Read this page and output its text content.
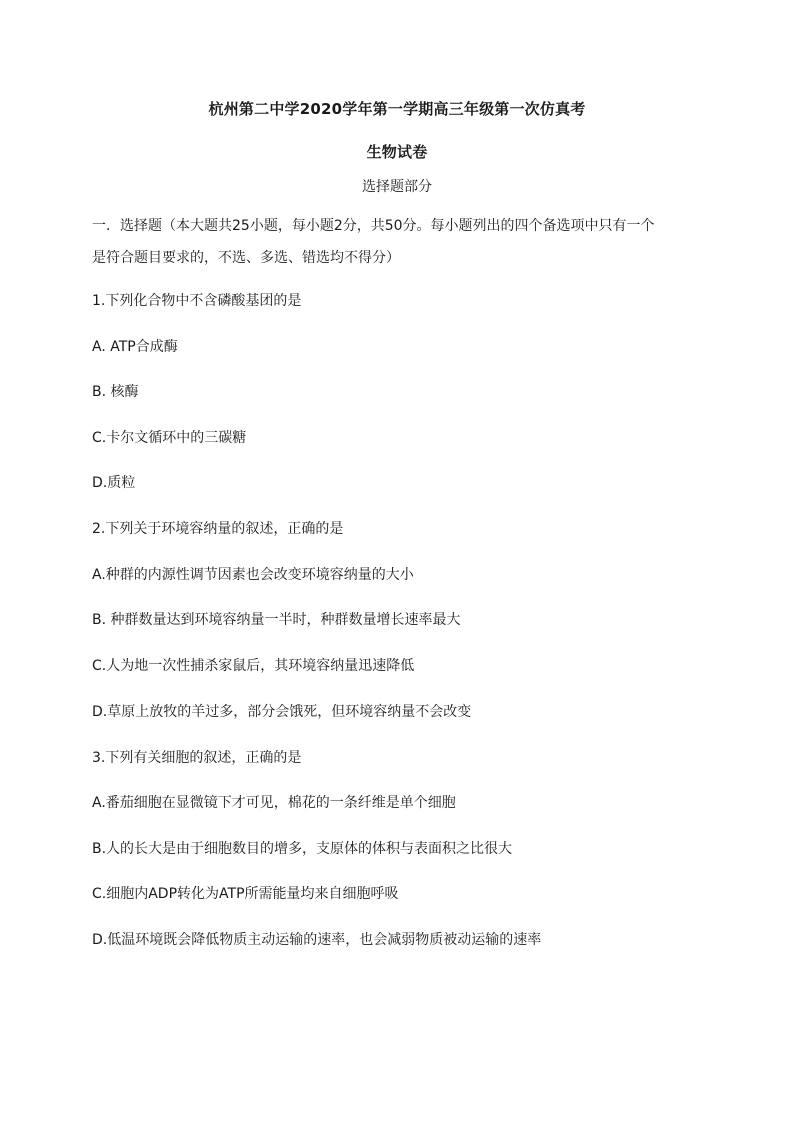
杭州第二中学2020学年第一学期高三年级第一次仿真考
生物试卷
选择题部分
一．选择题（本大题共25小题，每小题2分，共50分。每小题列出的四个备选项中只有一个
是符合题目要求的，不选、多选、错选均不得分）
1.下列化合物中不含磷酸基团的是
A. ATP合成酶
B. 核酶
C.卡尔文循环中的三碳糖
D.质粒
2.下列关于环境容纳量的叙述，正确的是
A.种群的内源性调节因素也会改变环境容纳量的大小
B. 种群数量达到环境容纳量一半时，种群数量增长速率最大
C.人为地一次性捕杀家鼠后，其环境容纳量迅速降低
D.草原上放牧的羊过多，部分会饿死，但环境容纳量不会改变
3.下列有关细胞的叙述，正确的是
A.番茄细胞在显微镜下才可见，棉花的一条纤维是单个细胞
B.人的长大是由于细胞数目的增多，支原体的体积与表面积之比很大
C.细胞内ADP转化为ATP所需能量均来自细胞呼吸
D.低温环境既会降低物质主动运输的速率，也会减弱物质被动运输的速率
